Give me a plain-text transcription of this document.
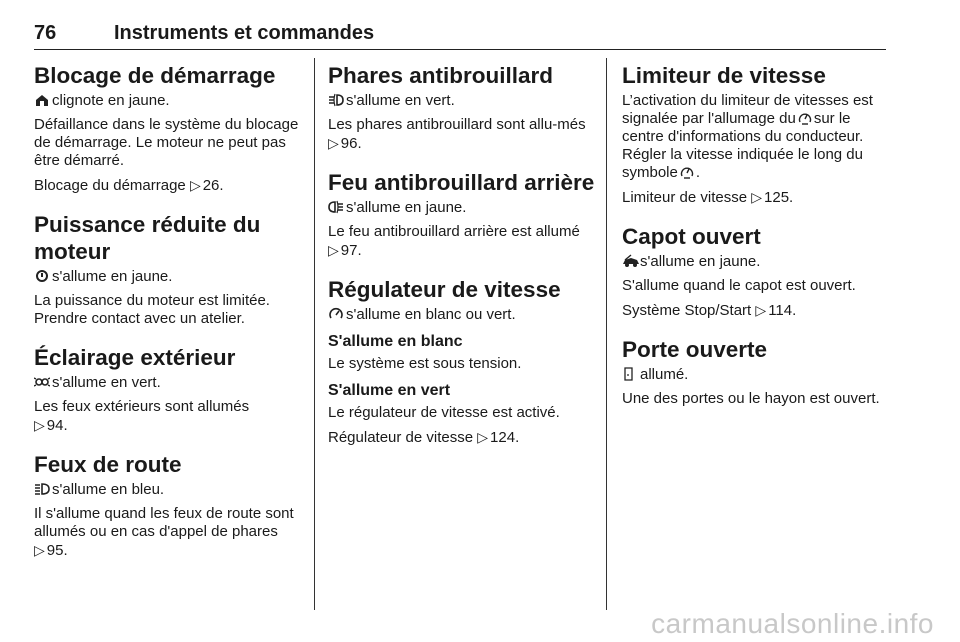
76	Instruments et commandes
Blocage de démarrage

clignote en jaune.

Défaillance dans le système du blocage de démarrage. Le moteur ne peut pas être démarré.

Blocage du démarrage ▷ 26.

Puissance réduite du moteur

s'allume en jaune.

La puissance du moteur est limitée. Prendre contact avec un atelier.

Éclairage extérieur

s'allume en vert.

Les feux extérieurs sont allumés
▷ 94.

Feux de route

s'allume en bleu.

Il s'allume quand les feux de route sont allumés ou en cas d'appel de phares ▷ 95.

Phares antibrouillard

s'allume en vert.

Les phares antibrouillard sont allu-més ▷ 96.

Feu antibrouillard arrière

s'allume en jaune.

Le feu antibrouillard arrière est allumé
▷ 97.

Régulateur de vitesse

s'allume en blanc ou vert.

S'allume en blanc

Le système est sous tension.

S'allume en vert

Le régulateur de vitesse est activé.

Régulateur de vitesse ▷ 124.

Limiteur de vitesse

L’activation du limiteur de vitesses est signalée par l'allumage du sur le centre d'informations du conducteur. Régler la vitesse indiquée le long du symbole .

Limiteur de vitesse ▷ 125.

Capot ouvert

s'allume en jaune.

S'allume quand le capot est ouvert.

Système Stop/Start ▷ 114.

Porte ouverte

allumé.

Une des portes ou le hayon est ouvert.

carmanualsonline.info
